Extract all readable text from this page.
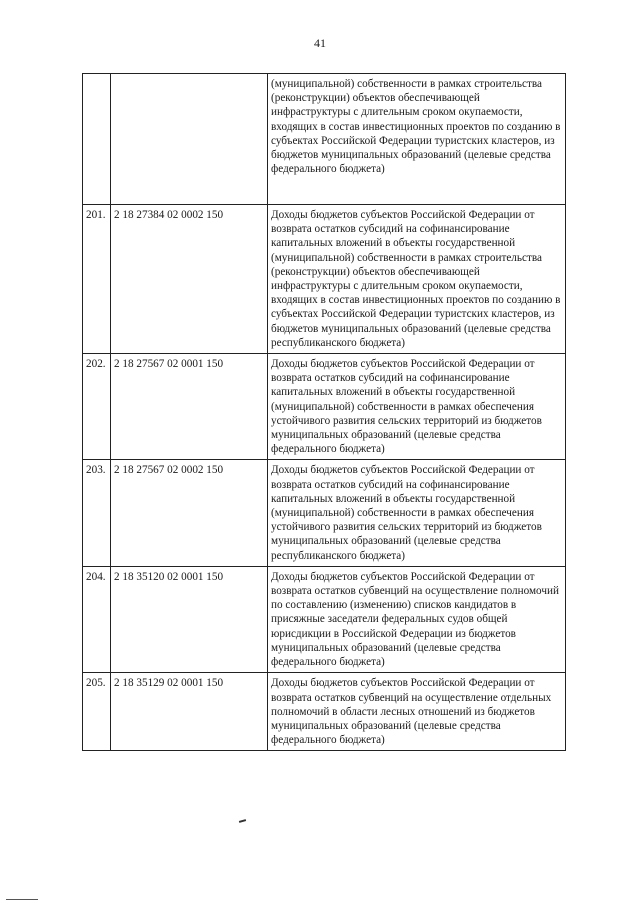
41
		(муниципальной) собственности в рамках строительства (реконструкции) объектов обеспечивающей инфраструктуры с длительным сроком окупаемости, входящих в состав инвестиционных проектов по созданию в субъектах Российской Федерации туристских кластеров, из бюджетов муниципальных образований (целевые средства федерального бюджета)
201.	2 18 27384 02 0002 150	Доходы бюджетов субъектов Российской Федерации от возврата остатков субсидий на софинансирование капитальных вложений в объекты государственной (муниципальной) собственности в рамках строительства (реконструкции) объектов обеспечивающей инфраструктуры с длительным сроком окупаемости, входящих в состав инвестиционных проектов по созданию в субъектах Российской Федерации туристских кластеров, из бюджетов муниципальных образований (целевые средства республиканского бюджета)
202.	2 18 27567 02 0001 150	Доходы бюджетов субъектов Российской Федерации от возврата остатков субсидий на софинансирование капитальных вложений в объекты государственной (муниципальной) собственности в рамках обеспечения устойчивого развития сельских территорий из бюджетов муниципальных образований (целевые средства федерального бюджета)
203.	2 18 27567 02 0002 150	Доходы бюджетов субъектов Российской Федерации от возврата остатков субсидий на софинансирование капитальных вложений в объекты государственной (муниципальной) собственности в рамках обеспечения устойчивого развития сельских территорий из бюджетов муниципальных образований (целевые средства республиканского бюджета)
204.	2 18 35120 02 0001 150	Доходы бюджетов субъектов Российской Федерации от возврата остатков субвенций на осуществление полномочий по составлению (изменению) списков кандидатов в присяжные заседатели федеральных судов общей юрисдикции в Российской Федерации из бюджетов муниципальных образований (целевые средства федерального бюджета)
205.	2 18 35129 02 0001 150	Доходы бюджетов субъектов Российской Федерации от возврата остатков субвенций на осуществление отдельных полномочий в области лесных отношений из бюджетов муниципальных образований (целевые средства федерального бюджета)
